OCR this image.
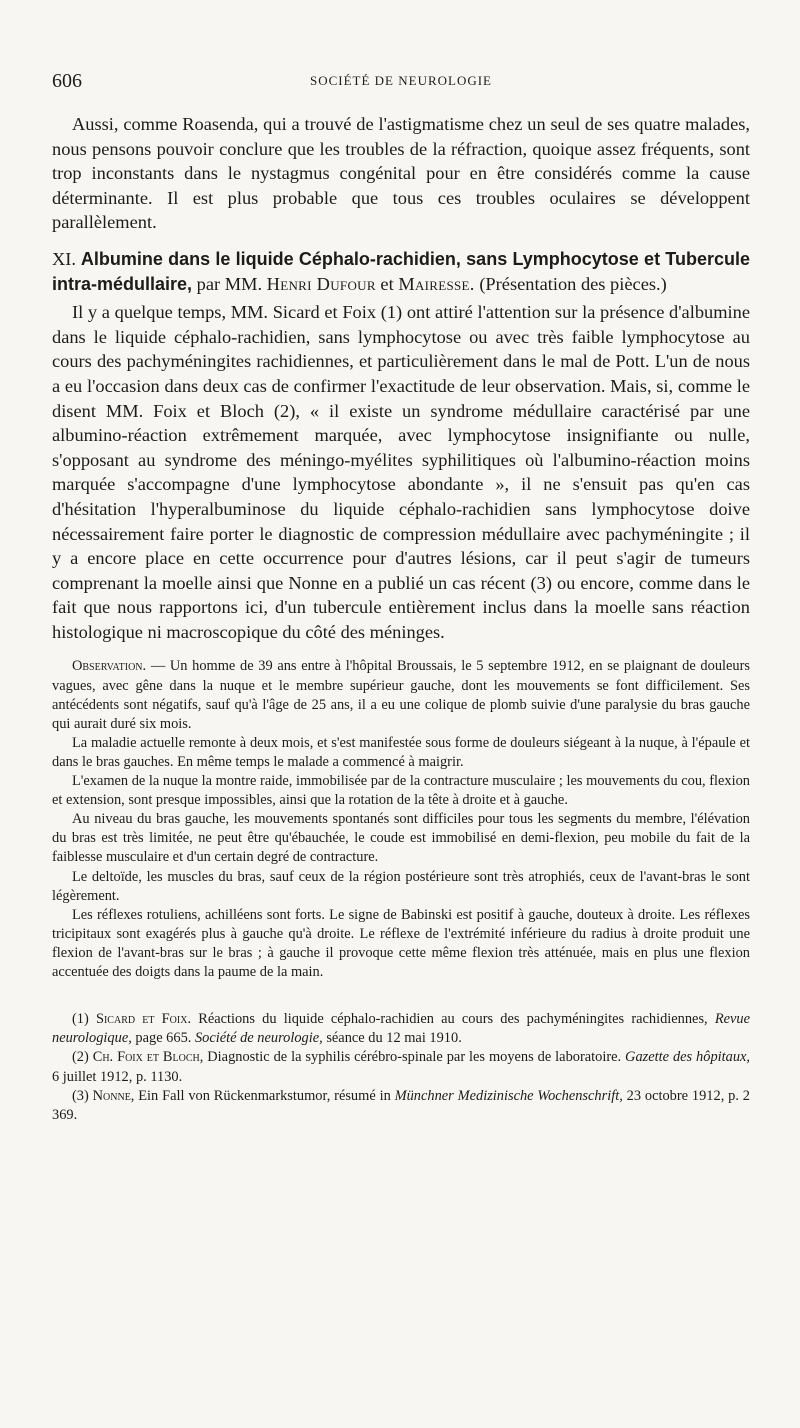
606	SOCIÉTÉ DE NEUROLOGIE

Aussi, comme Roasenda, qui a trouvé de l'astigmatisme chez un seul de ses quatre malades, nous pensons pouvoir conclure que les troubles de la réfraction, quoique assez fréquents, sont trop inconstants dans le nystagmus congénital pour en être considérés comme la cause déterminante. Il est plus probable que tous ces troubles oculaires se développent parallèlement.

XI. Albumine dans le liquide Céphalo-rachidien, sans Lymphocytose et Tubercule intra-médullaire, par MM. Henri Dufour et Mairesse. (Présentation des pièces.)

Il y a quelque temps, MM. Sicard et Foix (1) ont attiré l'attention sur la présence d'albumine dans le liquide céphalo-rachidien, sans lymphocytose ou avec très faible lymphocytose au cours des pachyméningites rachidiennes, et particulièrement dans le mal de Pott. L'un de nous a eu l'occasion dans deux cas de confirmer l'exactitude de leur observation. Mais, si, comme le disent MM. Foix et Bloch (2), « il existe un syndrome médullaire caractérisé par une albumino-réaction extrêmement marquée, avec lymphocytose insignifiante ou nulle, s'opposant au syndrome des méningo-myélites syphilitiques où l'albumino-réaction moins marquée s'accompagne d'une lymphocytose abondante », il ne s'ensuit pas qu'en cas d'hésitation l'hyperalbuminose du liquide céphalo-rachidien sans lymphocytose doive nécessairement faire porter le diagnostic de compression médullaire avec pachyméningite ; il y a encore place en cette occurrence pour d'autres lésions, car il peut s'agir de tumeurs comprenant la moelle ainsi que Nonne en a publié un cas récent (3) ou encore, comme dans le fait que nous rapportons ici, d'un tubercule entièrement inclus dans la moelle sans réaction histologique ni macroscopique du côté des méninges.

Observation. — Un homme de 39 ans entre à l'hôpital Broussais, le 5 septembre 1912, en se plaignant de douleurs vagues, avec gêne dans la nuque et le membre supérieur gauche, dont les mouvements se font difficilement. Ses antécédents sont négatifs, sauf qu'à l'âge de 25 ans, il a eu une colique de plomb suivie d'une paralysie du bras gauche qui aurait duré six mois.

La maladie actuelle remonte à deux mois, et s'est manifestée sous forme de douleurs siégeant à la nuque, à l'épaule et dans le bras gauches. En même temps le malade a commencé à maigrir.

L'examen de la nuque la montre raide, immobilisée par de la contracture musculaire ; les mouvements du cou, flexion et extension, sont presque impossibles, ainsi que la rotation de la tête à droite et à gauche.

Au niveau du bras gauche, les mouvements spontanés sont difficiles pour tous les segments du membre, l'élévation du bras est très limitée, ne peut être qu'ébauchée, le coude est immobilisé en demi-flexion, peu mobile du fait de la faiblesse musculaire et d'un certain degré de contracture.

Le deltoïde, les muscles du bras, sauf ceux de la région postérieure sont très atrophiés, ceux de l'avant-bras le sont légèrement.

Les réflexes rotuliens, achilléens sont forts. Le signe de Babinski est positif à gauche, douteux à droite. Les réflexes tricipitaux sont exagérés plus à gauche qu'à droite. Le réflexe de l'extrémité inférieure du radius à droite produit une flexion de l'avant-bras sur le bras ; à gauche il provoque cette même flexion très atténuée, mais en plus une flexion accentuée des doigts dans la paume de la main.

(1) Sicard et Foix. Réactions du liquide céphalo-rachidien au cours des pachyméningites rachidiennes, Revue neurologique, page 665. Société de neurologie, séance du 12 mai 1910.

(2) Ch. Foix et Bloch, Diagnostic de la syphilis cérébro-spinale par les moyens de laboratoire. Gazette des hôpitaux, 6 juillet 1912, p. 1130.

(3) Nonne, Ein Fall von Rückenmarkstumor, résumé in Münchner Medizinische Wochenschrift, 23 octobre 1912, p. 2 369.
